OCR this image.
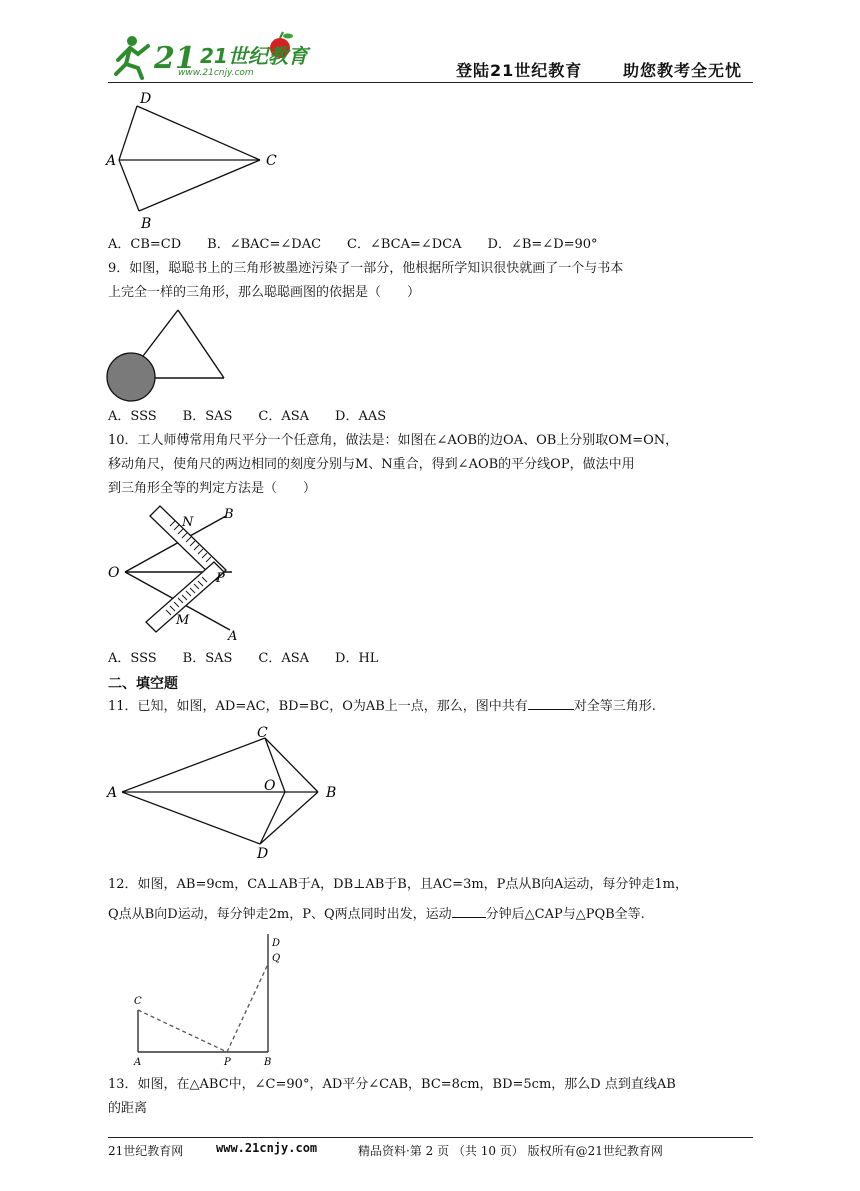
21 21世纪教育
www.21cnjy.com	登陆21世纪教育	助您教考全无忧
D
A	C
B
A．CB=CD　　B．∠BAC=∠DAC　　C．∠BCA=∠DCA　　D．∠B=∠D=90°
9．如图，聪聪书上的三角形被墨迹污染了一部分，他根据所学知识很快就画了一个与书本
上完全一样的三角形，那么聪聪画图的依据是（　　）
A．SSS　　B．SAS　　C．ASA　　D．AAS
10．工人师傅常用角尺平分一个任意角，做法是：如图在∠AOB的边OA、OB上分别取OM=ON，
移动角尺，使角尺的两边相同的刻度分别与M、N重合，得到∠AOB的平分线OP，做法中用
到三角形全等的判定方法是（　　）
N
B
O	P
M
A
A．SSS　　B．SAS　　C．ASA　　D．HL
二、填空题
11．已知，如图，AD=AC，BD=BC，O为AB上一点，那么，图中共有	对全等三角形.
C
A	O	B
D
12．如图，AB=9cm，CA⊥AB于A，DB⊥AB于B，且AC=3m，P点从B向A运动，每分钟走1m，
Q点从B向D运动，每分钟走2m，P、Q两点同时出发，运动	分钟后△CAP与△PQB全等.
D
Q
C
A	P	B
13．如图，在△ABC中，∠C=90°，AD平分∠CAB，BC=8cm，BD=5cm，那么D 点到直线AB
的距离
21世纪教育网	www.21cnjy.com	精品资料·第 2 页 （共 10 页） 版权所有@21世纪教育网
